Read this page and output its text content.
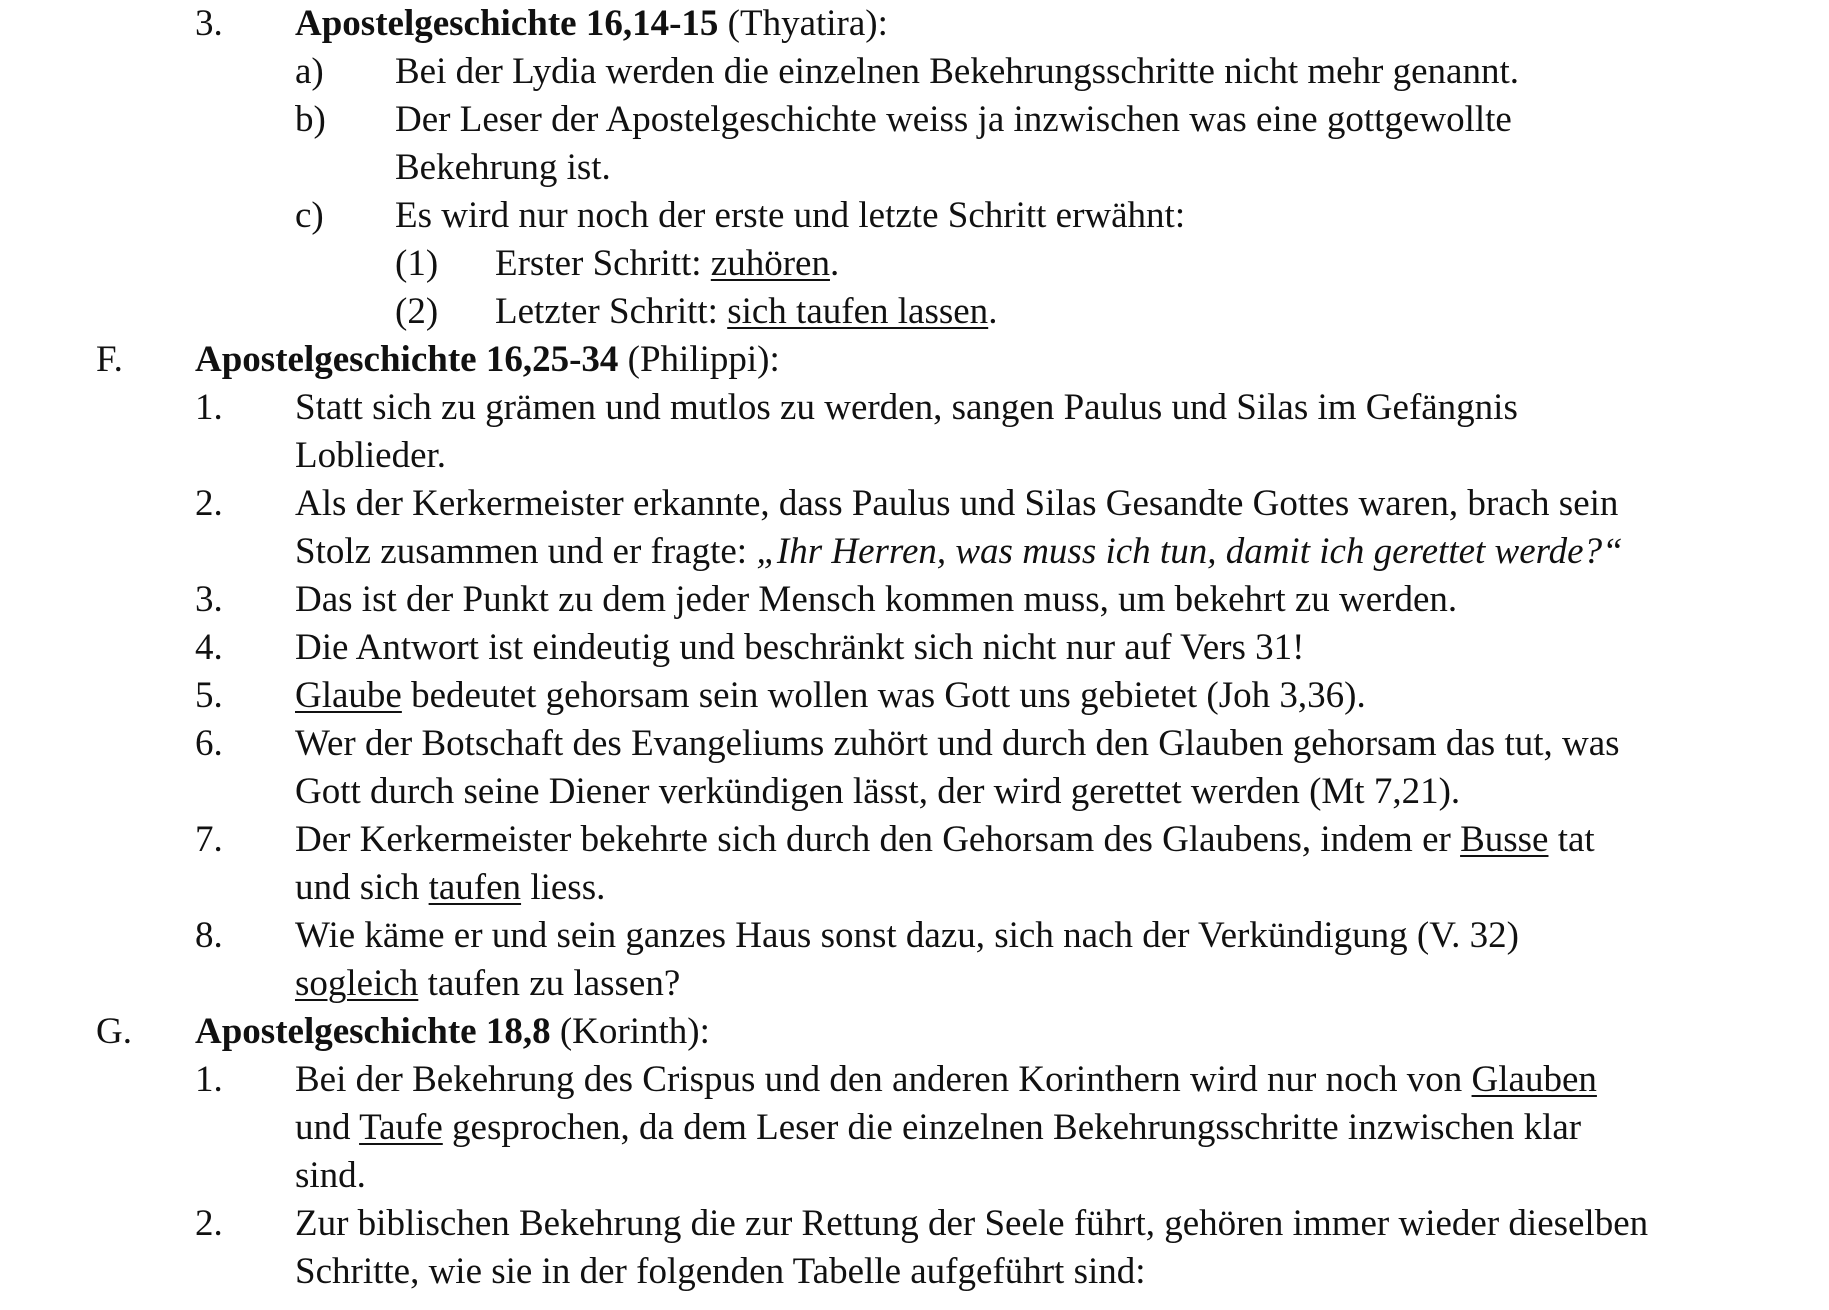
3. Apostelgeschichte 16,14-15 (Thyatira):
a) Bei der Lydia werden die einzelnen Bekehrungsschritte nicht mehr genannt.
b) Der Leser der Apostelgeschichte weiss ja inzwischen was eine gottgewollte
Bekehrung ist.
c) Es wird nur noch der erste und letzte Schritt erwähnt:
(1) Erster Schritt: zuhören.
(2) Letzter Schritt: sich taufen lassen.
F. Apostelgeschichte 16,25-34 (Philippi):
1. Statt sich zu grämen und mutlos zu werden, sangen Paulus und Silas im Gefängnis
Loblieder.
2. Als der Kerkermeister erkannte, dass Paulus und Silas Gesandte Gottes waren, brach sein
Stolz zusammen und er fragte: „Ihr Herren, was muss ich tun, damit ich gerettet werde?“
3. Das ist der Punkt zu dem jeder Mensch kommen muss, um bekehrt zu werden.
4. Die Antwort ist eindeutig und beschränkt sich nicht nur auf Vers 31!
5. Glaube bedeutet gehorsam sein wollen was Gott uns gebietet (Joh 3,36).
6. Wer der Botschaft des Evangeliums zuhört und durch den Glauben gehorsam das tut, was
Gott durch seine Diener verkündigen lässt, der wird gerettet werden (Mt 7,21).
7. Der Kerkermeister bekehrte sich durch den Gehorsam des Glaubens, indem er Busse tat
und sich taufen liess.
8. Wie käme er und sein ganzes Haus sonst dazu, sich nach der Verkündigung (V. 32)
sogleich taufen zu lassen?
G. Apostelgeschichte 18,8 (Korinth):
1. Bei der Bekehrung des Crispus und den anderen Korinthern wird nur noch von Glauben
und Taufe gesprochen, da dem Leser die einzelnen Bekehrungsschritte inzwischen klar
sind.
2. Zur biblischen Bekehrung die zur Rettung der Seele führt, gehören immer wieder dieselben
Schritte, wie sie in der folgenden Tabelle aufgeführt sind:
